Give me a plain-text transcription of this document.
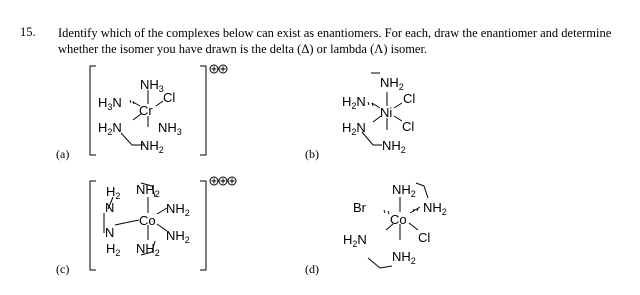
15. Identify which of the complexes below can exist as enantiomers. For each, draw the enantiomer and determine whether the isomer you have drawn is the delta (Δ) or lambda (Λ) isomer.
(a)	(b)
(c)	(d)
$NH_3$
$H_3N$	Cl
Cr
$H_2N$	$NH_3$
$NH_2$
$NH_2$
$H_2N$	Cl
Ni
$H_2N$	Cl
$NH_2$
$H_2$ $NH_2$
N	$NH_2$
Co
N	$NH_2$
$H_2$ $NH_2$
$NH_2$
Br	$NH_2$
Co
$H_2N$	Cl
$NH_2$
